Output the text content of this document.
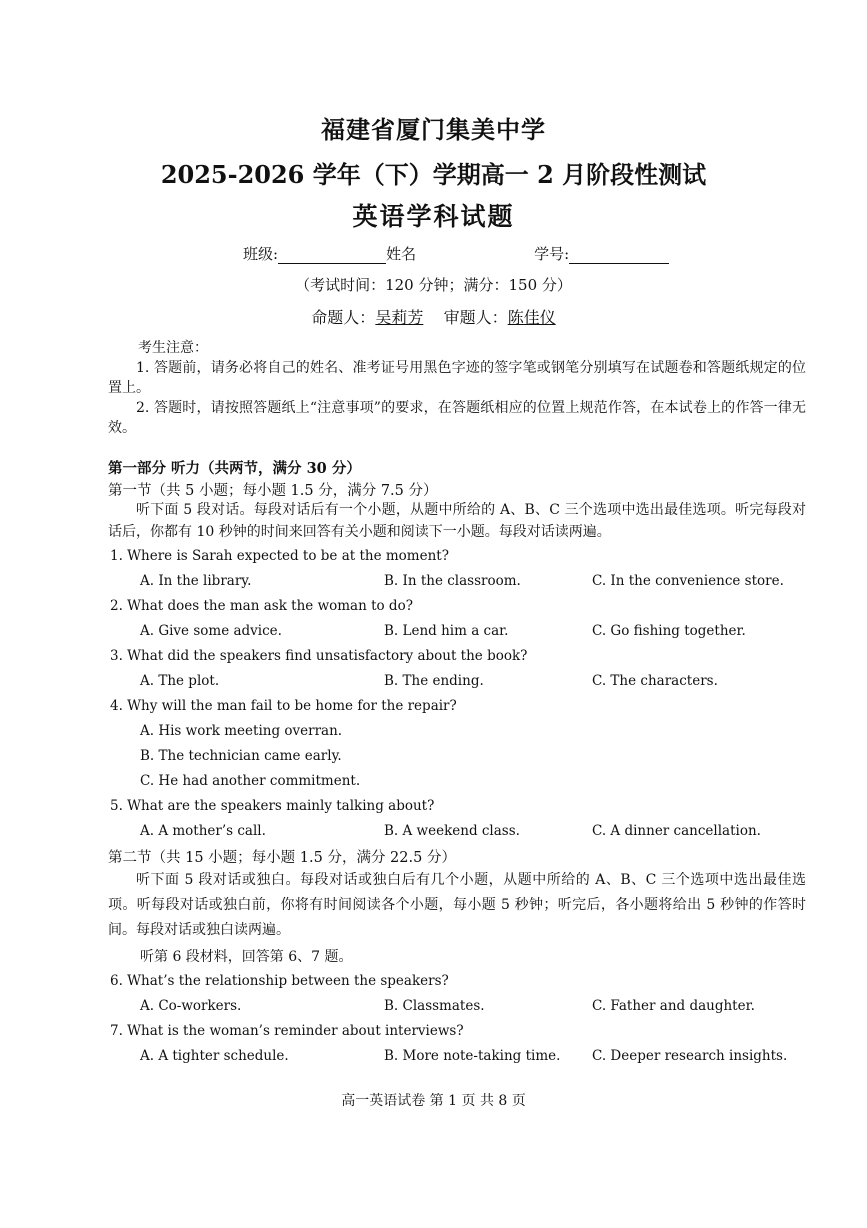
福建省厦门集美中学
2025-2026 学年（下）学期高一 2 月阶段性测试
英语学科试题
班级:	姓名	学号:
（考试时间：120 分钟；满分：150 分）
命题人：吴莉芳 审题人：陈佳仪
考生注意：
1. 答题前，请务必将自己的姓名、准考证号用黑色字迹的签字笔或钢笔分别填写在试题卷和答题纸规定的位置上。
2. 答题时，请按照答题纸上“注意事项”的要求，在答题纸相应的位置上规范作答，在本试卷上的作答一律无效。
第一部分 听力（共两节，满分 30 分）
第一节（共 5 小题；每小题 1.5 分，满分 7.5 分）
听下面 5 段对话。每段对话后有一个小题，从题中所给的 A、B、C 三个选项中选出最佳选项。听完每段对话后，你都有 10 秒钟的时间来回答有关小题和阅读下一小题。每段对话读两遍。
1. Where is Sarah expected to be at the moment?
A. In the library.	B. In the classroom.	C. In the convenience store.
2. What does the man ask the woman to do?
A. Give some advice.	B. Lend him a car.	C. Go fishing together.
3. What did the speakers find unsatisfactory about the book?
A. The plot.	B. The ending.	C. The characters.
4. Why will the man fail to be home for the repair?
A. His work meeting overran.
B. The technician came early.
C. He had another commitment.
5. What are the speakers mainly talking about?
A. A mother’s call.	B. A weekend class.	C. A dinner cancellation.
第二节（共 15 小题；每小题 1.5 分，满分 22.5 分）
听下面 5 段对话或独白。每段对话或独白后有几个小题，从题中所给的 A、B、C 三个选项中选出最佳选项。听每段对话或独白前，你将有时间阅读各个小题，每小题 5 秒钟；听完后，各小题将给出 5 秒钟的作答时间。每段对话或独白读两遍。
听第 6 段材料，回答第 6、7 题。
6. What’s the relationship between the speakers?
A. Co-workers.	B. Classmates.	C. Father and daughter.
7. What is the woman’s reminder about interviews?
A. A tighter schedule.	B. More note-taking time. C. Deeper research insights.
高一英语试卷 第 1 页 共 8 页
